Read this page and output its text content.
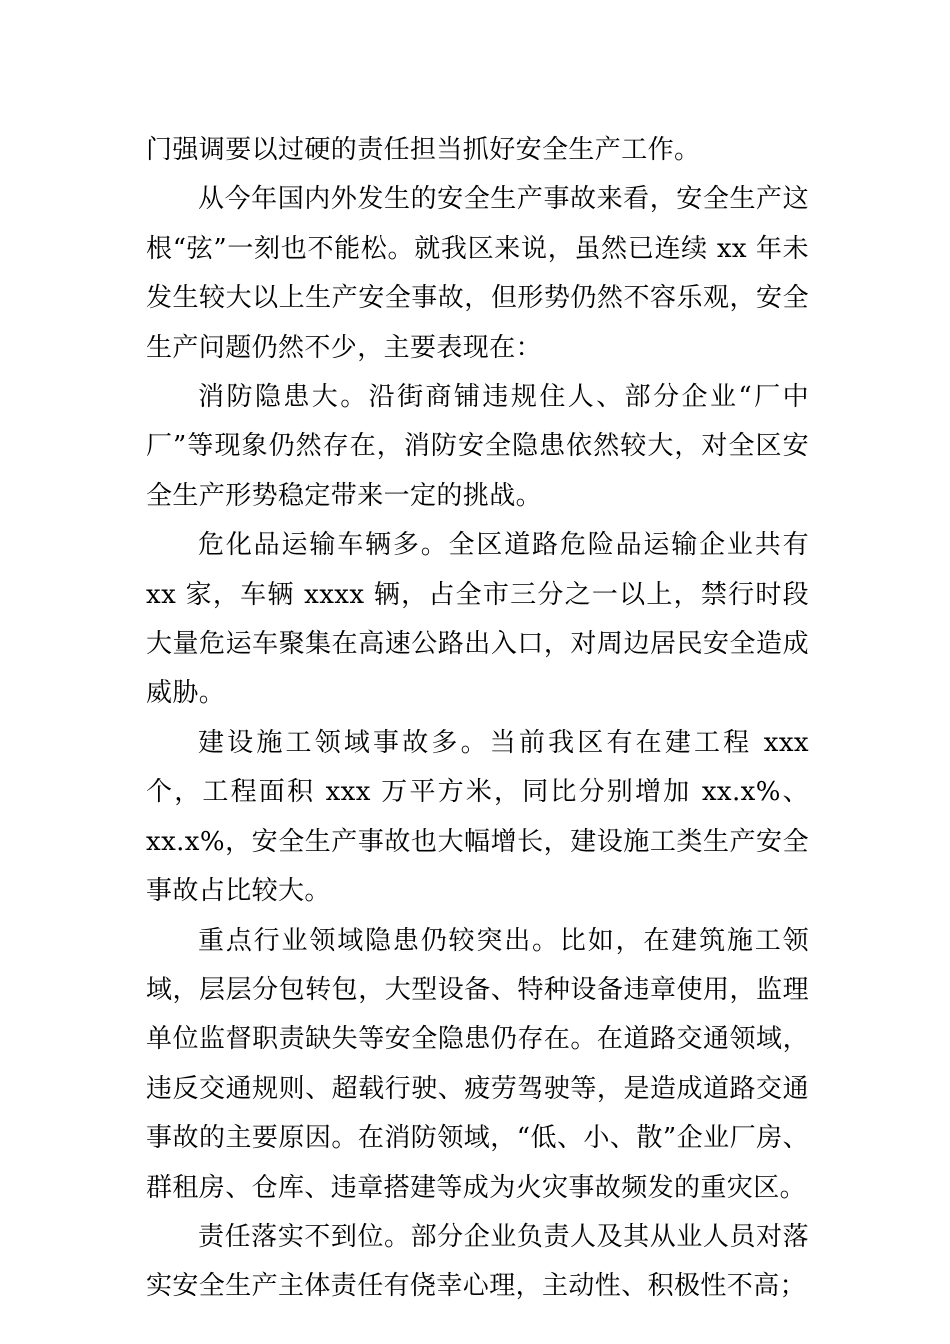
门强调要以过硬的责任担当抓好安全生产工作。

从今年国内外发生的安全生产事故来看，安全生产这根“弦”一刻也不能松。就我区来说，虽然已连续 xx 年未发生较大以上生产安全事故，但形势仍然不容乐观，安全生产问题仍然不少，主要表现在：

消防隐患大。沿街商铺违规住人、部分企业“厂中厂”等现象仍然存在，消防安全隐患依然较大，对全区安全生产形势稳定带来一定的挑战。

危化品运输车辆多。全区道路危险品运输企业共有 xx 家，车辆 xxxx 辆，占全市三分之一以上，禁行时段大量危运车聚集在高速公路出入口，对周边居民安全造成威胁。

建设施工领域事故多。当前我区有在建工程 xxx 个，工程面积 xxx 万平方米，同比分别增加 xx.x%、xx.x%，安全生产事故也大幅增长，建设施工类生产安全事故占比较大。

重点行业领域隐患仍较突出。比如，在建筑施工领域，层层分包转包，大型设备、特种设备违章使用，监理单位监督职责缺失等安全隐患仍存在。在道路交通领域，违反交通规则、超载行驶、疲劳驾驶等，是造成道路交通事故的主要原因。在消防领域，“低、小、散”企业厂房、群租房、仓库、违章搭建等成为火灾事故频发的重灾区。

责任落实不到位。部分企业负责人及其从业人员对落实安全生产主体责任有侥幸心理，主动性、积极性不高；
